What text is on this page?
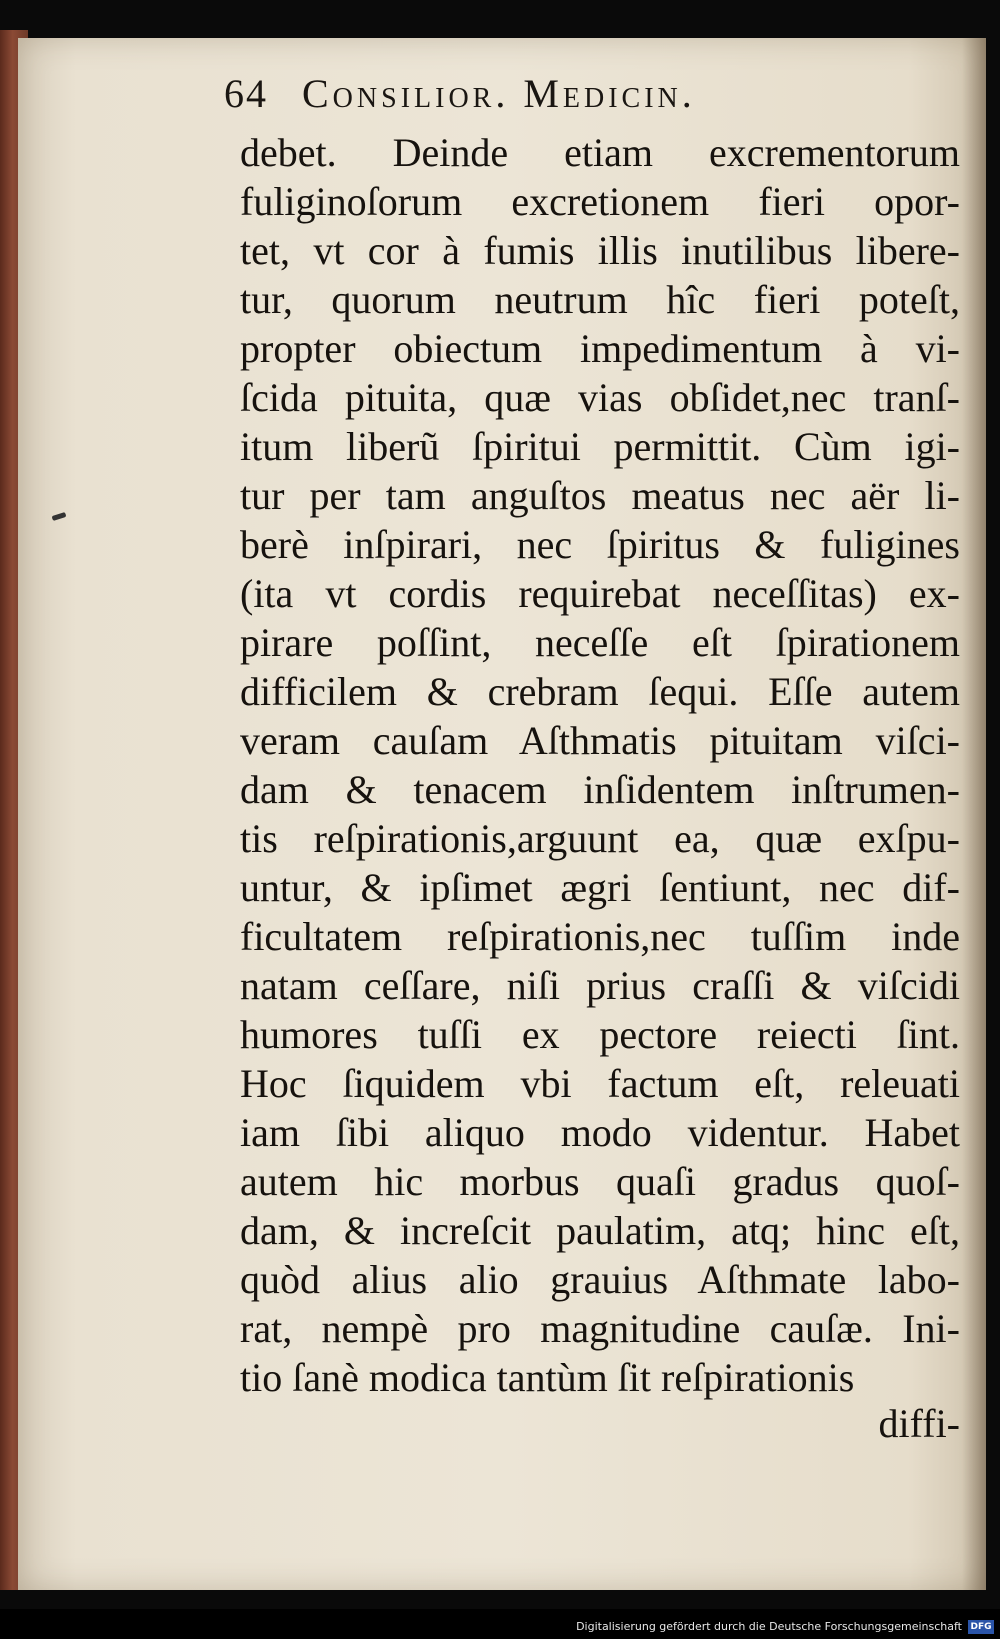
64 Consilior. Medicin.
debet. Deinde etiam excrementorum
fuliginoſorum excretionem fieri opor-
tet, vt cor à fumis illis inutilibus libere-
tur, quorum neutrum hîc fieri poteſt,
propter obiectum impedimentum à vi-
ſcida pituita, quæ vias obſidet,nec tranſ-
itum liberũ ſpiritui permittit. Cùm igi-
tur per tam anguſtos meatus nec aër li-
berè inſpirari, nec ſpiritus & fuligines
(ita vt cordis requirebat neceſſitas) ex-
pirare poſſint, neceſſe eſt ſpirationem
difficilem & crebram ſequi. Eſſe autem
veram cauſam Aſthmatis pituitam viſci-
dam & tenacem inſidentem inſtrumen-
tis reſpirationis,arguunt ea, quæ exſpu-
untur, & ipſimet ægri ſentiunt, nec dif-
ficultatem reſpirationis,nec tuſſim inde
natam ceſſare, niſi prius craſſi & viſcidi
humores tuſſi ex pectore reiecti ſint.
Hoc ſiquidem vbi factum eſt, releuati
iam ſibi aliquo modo videntur. Habet
autem hic morbus quaſi gradus quoſ-
dam, & increſcit paulatim, atq; hinc eſt,
quòd alius alio grauius Aſthmate labo-
rat, nempè pro magnitudine cauſæ. Ini-
tio ſanè modica tantùm ſit reſpirationis
diffi-
Digitalisierung gefördert durch die Deutsche Forschungsgemeinschaft DFG
